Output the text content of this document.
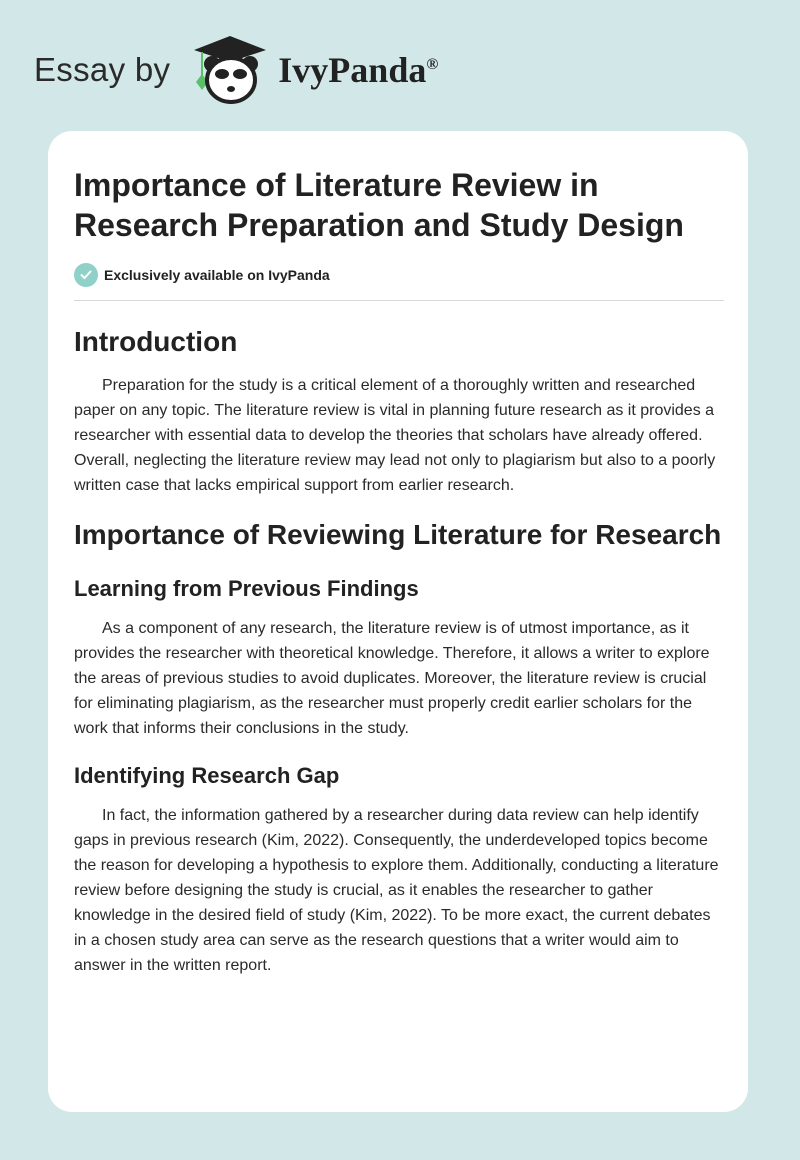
Essay by	IvyPanda®
Importance of Literature Review in Research Preparation and Study Design
Exclusively available on IvyPanda
Introduction

Preparation for the study is a critical element of a thoroughly written and researched paper on any topic. The literature review is vital in planning future research as it provides a researcher with essential data to develop the theories that scholars have already offered. Overall, neglecting the literature review may lead not only to plagiarism but also to a poorly written case that lacks empirical support from earlier research.

Importance of Reviewing Literature for Research
Learning from Previous Findings

As a component of any research, the literature review is of utmost importance, as it provides the researcher with theoretical knowledge. Therefore, it allows a writer to explore the areas of previous studies to avoid duplicates. Moreover, the literature review is crucial for eliminating plagiarism, as the researcher must properly credit earlier scholars for the work that informs their conclusions in the study.

Identifying Research Gap

In fact, the information gathered by a researcher during data review can help identify gaps in previous research (Kim, 2022). Consequently, the underdeveloped topics become the reason for developing a hypothesis to explore them. Additionally, conducting a literature review before designing the study is crucial, as it enables the researcher to gather knowledge in the desired field of study (Kim, 2022). To be more exact, the current debates in a chosen study area can serve as the research questions that a writer would aim to answer in the written report.
